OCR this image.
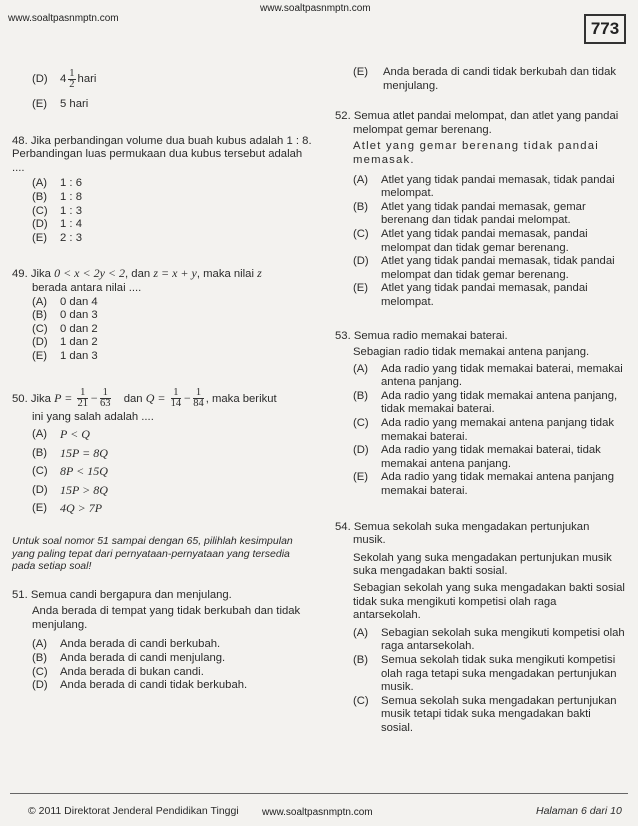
www.soaltpasnmptn.com
www.soaltpasnmptn.com
773
(D) $4 \frac{1}{2}$ hari
(E) 5 hari

48. Jika perbandingan volume dua buah kubus adalah 1 : 8. Perbandingan luas permukaan dua kubus tersebut adalah ....

(A) 1 : 6
(B) 1 : 8
(C) 1 : 3
(D) 1 : 4
(E) 2 : 3

49. Jika 0 < x < 2y < 2, dan z = x + y, maka nilai z

berada antara nilai ....

(A) 0 dan 4
(B) 0 dan 3
(C) 0 dan 2
(D) 1 dan 2
(E) 1 dan 3

50. Jika $P = \frac{1}{21} - \frac{1}{63}$ dan $Q = \frac{1}{14} - \frac{1}{84}$ , maka berikut

ini yang salah adalah ....

(A) P < Q
(B) 15P = 8Q
(C) 8P < 15Q
(D) 15P > 8Q
(E) 4Q > 7P

Untuk soal nomor 51 sampai dengan 65, pilihlah kesimpulan yang paling tepat dari pernyataan-pernyataan yang tersedia pada setiap soal!

51. Semua candi bergapura dan menjulang.

Anda berada di tempat yang tidak berkubah dan tidak menjulang.

(A) Anda berada di candi berkubah.
(B) Anda berada di candi menjulang.
(C) Anda berada di bukan candi.
(D) Anda berada di candi tidak berkubah.
(E) Anda berada di candi tidak berkubah dan tidak menjulang.

52. Semua atlet pandai melompat, dan atlet yang pandai melompat gemar berenang.

Atlet yang gemar berenang tidak pandai memasak.

(A) Atlet yang tidak pandai memasak, tidak pandai melompat.
(B) Atlet yang tidak pandai memasak, gemar berenang dan tidak pandai melompat.
(C) Atlet yang tidak pandai memasak, pandai melompat dan tidak gemar berenang.
(D) Atlet yang tidak pandai memasak, tidak pandai melompat dan tidak gemar berenang.
(E) Atlet yang tidak pandai memasak, pandai melompat.

53. Semua radio memakai baterai.

Sebagian radio tidak memakai antena panjang.

(A) Ada radio yang tidak memakai baterai, memakai antena panjang.
(B) Ada radio yang tidak memakai antena panjang, tidak memakai baterai.
(C) Ada radio yang memakai antena panjang tidak memakai baterai.
(D) Ada radio yang tidak memakai baterai, tidak memakai antena panjang.
(E) Ada radio yang tidak memakai antena panjang memakai baterai.

54. Semua sekolah suka mengadakan pertunjukan musik.

Sekolah yang suka mengadakan pertunjukan musik suka mengadakan bakti sosial.

Sebagian sekolah yang suka mengadakan bakti sosial tidak suka mengikuti kompetisi olah raga antarsekolah.

(A) Sebagian sekolah suka mengikuti kompetisi olah raga antarsekolah.
(B) Semua sekolah tidak suka mengikuti kompetisi olah raga tetapi suka mengadakan pertunjukan musik.
(C) Semua sekolah suka mengadakan pertunjukan musik tetapi tidak suka mengadakan bakti sosial.
© 2011 Direktorat Jenderal Pendidikan Tinggi www.soaltpasnmptn.com	Halaman 6 dari 10
